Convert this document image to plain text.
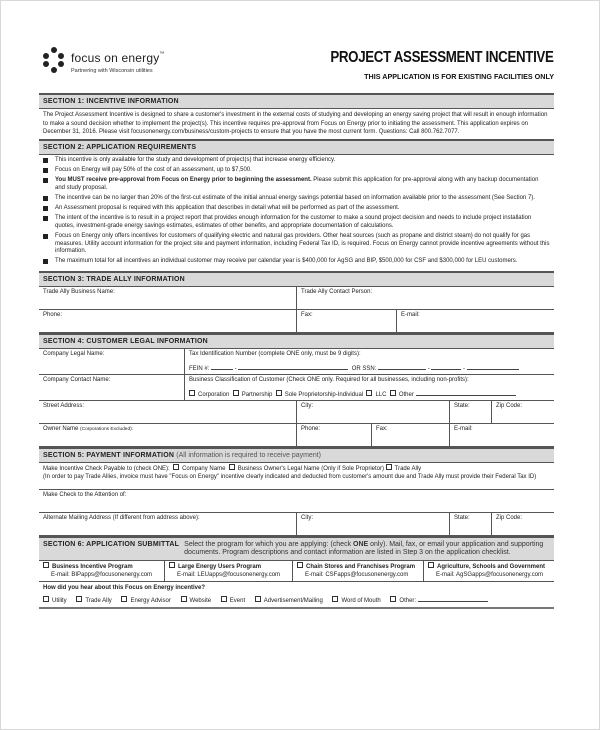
focus on energy™
Partnering with Wisconsin utilities
PROJECT ASSESSMENT INCENTIVE
THIS APPLICATION IS FOR EXISTING FACILITIES ONLY
SECTION 1: INCENTIVE INFORMATION
The Project Assessment Incentive is designed to share a customer's investment in the external costs of studying and developing an energy saving project that will result in enough information to make a sound decision whether to implement the project(s). This incentive requires pre-approval from Focus on Energy prior to initiating the assessment. This application expires on December 31, 2016. Please visit focusonenergy.com/business/custom-projects to ensure that you have the most current form. Questions: Call 800.762.7077.
SECTION 2: APPLICATION REQUIREMENTS
This incentive is only available for the study and development of project(s) that increase energy efficiency.
Focus on Energy will pay 50% of the cost of an assessment, up to $7,500.
You MUST receive pre-approval from Focus on Energy prior to beginning the assessment. Please submit this application for pre-approval along with any backup documentation and study proposal.
The incentive can be no larger than 20% of the first-cut estimate of the initial annual energy savings potential based on information available prior to the assessment (See Section 7).
An Assessment proposal is required with this application that describes in detail what will be performed as part of the assessment.
The intent of the incentive is to result in a project report that provides enough information for the customer to make a sound project decision and needs to include project installation quotes, investment-grade energy savings estimates, estimates of other benefits, and appropriate documentation of calculations.
Focus on Energy only offers incentives for customers of qualifying electric and natural gas providers. Other heat sources (such as propane and district steam) do not qualify for gas measures. Utility account information for the project site and payment information, including Federal Tax ID, is required. Focus on Energy cannot provide incentive agreements without this information.
The maximum total for all incentives an individual customer may receive per calendar year is $400,000 for AgSG and BIP, $500,000 for CSF and $300,000 for LEU customers.
SECTION 3: TRADE ALLY INFORMATION
Trade Ally Business Name:	Trade Ally Contact Person:
Phone:	Fax:	E-mail:
SECTION 4: CUSTOMER LEGAL INFORMATION
Company Legal Name:	Tax Identification Number (complete ONE only, must be 9 digits):
FEIN #:	-	OR SSN:	-	-
Company Contact Name:	Business Classification of Customer (Check ONE only. Required for all businesses, including non-profits):
Corporation Partnership Sole Proprietorship-Individual LLC Other
Street Address:	City:	State:	Zip Code:
Owner Name (Corporations Excluded):	Phone:	Fax:	E-mail:
SECTION 5: PAYMENT INFORMATION (All information is required to receive payment)
Make Incentive Check Payable to (check ONE): Company Name Business Owner's Legal Name (Only if Sole Proprietor) Trade Ally
(In order to pay Trade Allies, invoice must have "Focus on Energy" incentive clearly indicated and deducted from customer's amount due and Trade Ally must provide their Federal Tax ID)
Make Check to the Attention of:
Alternate Mailing Address (If different from address above):	City:	State:	Zip Code:
SECTION 6: APPLICATION SUBMITTAL Select the program for which you are applying: (check ONE only). Mail, fax, or email your application and supporting
documents. Program descriptions and contact information are listed in Step 3 on the application checklist.
Business Incentive Program
E-mail: BIPapps@focusonenergy.com
Large Energy Users Program
E-mail: LEUapps@focusonenergy.com
Chain Stores and Franchises Program
E-mail: CSFapps@focusonenergy.com
Agriculture, Schools and Government
E-mail: AgSGapps@focusonenergy.com
How did you hear about this Focus on Energy incentive?
Utility	Trade Ally	Energy Advisor	Website	Event	Advertisement/Mailing	Word of Mouth	Other:
